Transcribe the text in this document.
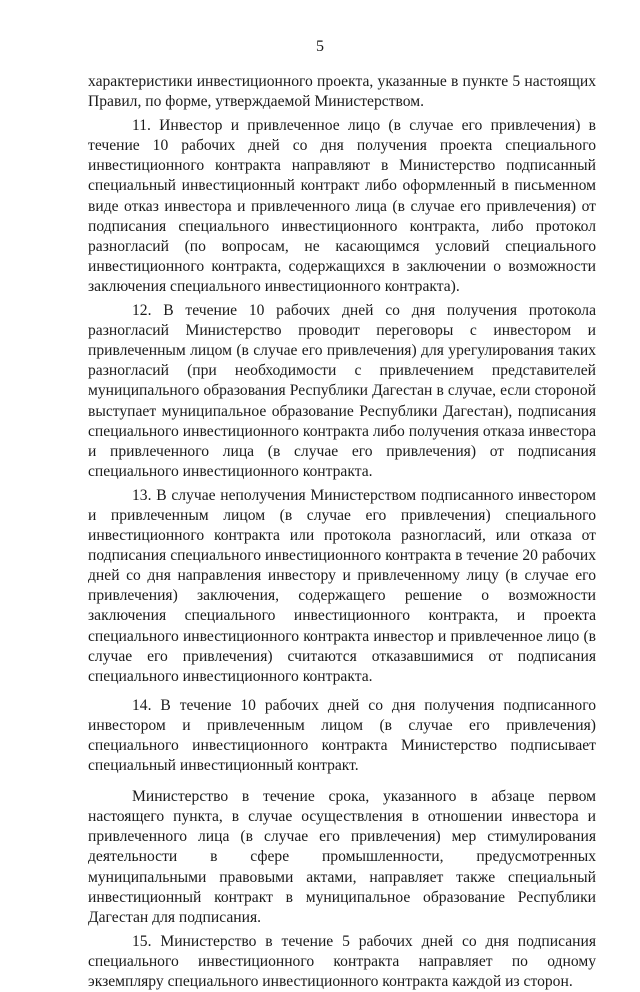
5

характеристики инвестиционного проекта, указанные в пункте 5 настоящих Правил, по форме, утверждаемой Министерством.

11. Инвестор и привлеченное лицо (в случае его привлечения) в течение 10 рабочих дней со дня получения проекта специального инвестиционного контракта направляют в Министерство подписанный специальный инвестиционный контракт либо оформленный в письменном виде отказ инвестора и привлеченного лица (в случае его привлечения) от подписания специального инвестиционного контракта, либо протокол разногласий (по вопросам, не касающимся условий специального инвестиционного контракта, содержащихся в заключении о возможности заключения специального инвестиционного контракта).

12. В течение 10 рабочих дней со дня получения протокола разногласий Министерство проводит переговоры с инвестором и привлеченным лицом (в случае его привлечения) для урегулирования таких разногласий (при необходимости с привлечением представителей муниципального образования Республики Дагестан в случае, если стороной выступает муниципальное образование Республики Дагестан), подписания специального инвестиционного контракта либо получения отказа инвестора и привлеченного лица (в случае его привлечения) от подписания специального инвестиционного контракта.

13. В случае неполучения Министерством подписанного инвестором и привлеченным лицом (в случае его привлечения) специального инвестиционного контракта или протокола разногласий, или отказа от подписания специального инвестиционного контракта в течение 20 рабочих дней со дня направления инвестору и привлеченному лицу (в случае его привлечения) заключения, содержащего решение о возможности заключения специального инвестиционного контракта, и проекта специального инвестиционного контракта инвестор и привлеченное лицо (в случае его привлечения) считаются отказавшимися от подписания специального инвестиционного контракта.

14. В течение 10 рабочих дней со дня получения подписанного инвестором и привлеченным лицом (в случае его привлечения) специального инвестиционного контракта Министерство подписывает специальный инвестиционный контракт.

Министерство в течение срока, указанного в абзаце первом настоящего пункта, в случае осуществления в отношении инвестора и привлеченного лица (в случае его привлечения) мер стимулирования деятельности в сфере промышленности, предусмотренных муниципальными правовыми актами, направляет также специальный инвестиционный контракт в муниципальное образование Республики Дагестан для подписания.

15. Министерство в течение 5 рабочих дней со дня подписания специального инвестиционного контракта направляет по одному экземпляру специального инвестиционного контракта каждой из сторон.
